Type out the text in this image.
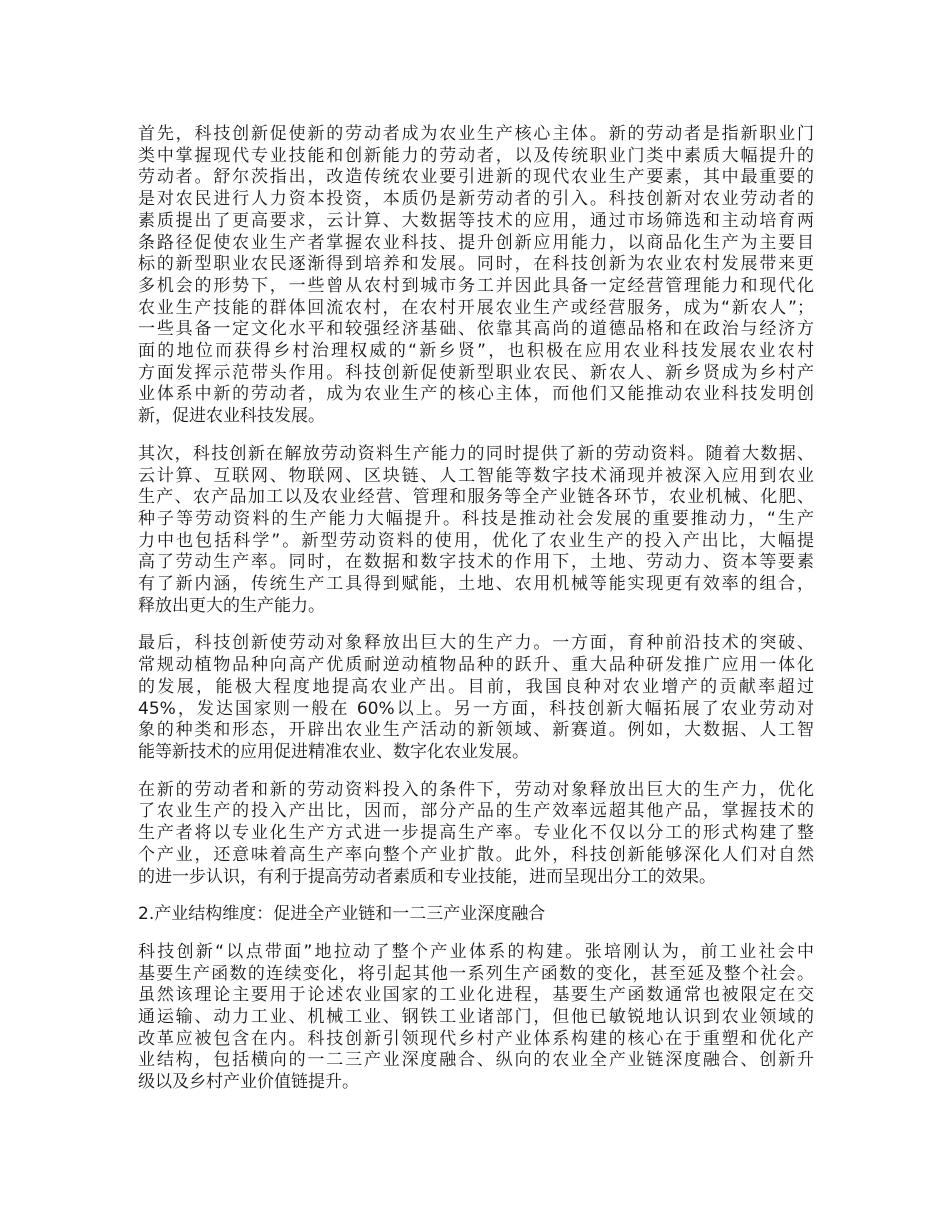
首先，科技创新促使新的劳动者成为农业生产核心主体。新的劳动者是指新职业门
类中掌握现代专业技能和创新能力的劳动者，以及传统职业门类中素质大幅提升的
劳动者。舒尔茨指出，改造传统农业要引进新的现代农业生产要素，其中最重要的
是对农民进行人力资本投资，本质仍是新劳动者的引入。科技创新对农业劳动者的
素质提出了更高要求，云计算、大数据等技术的应用，通过市场筛选和主动培育两
条路径促使农业生产者掌握农业科技、提升创新应用能力，以商品化生产为主要目
标的新型职业农民逐渐得到培养和发展。同时，在科技创新为农业农村发展带来更
多机会的形势下，一些曾从农村到城市务工并因此具备一定经营管理能力和现代化
农业生产技能的群体回流农村，在农村开展农业生产或经营服务，成为“新农人”；
一些具备一定文化水平和较强经济基础、依靠其高尚的道德品格和在政治与经济方
面的地位而获得乡村治理权威的“新乡贤”，也积极在应用农业科技发展农业农村
方面发挥示范带头作用。科技创新促使新型职业农民、新农人、新乡贤成为乡村产
业体系中新的劳动者，成为农业生产的核心主体，而他们又能推动农业科技发明创
新，促进农业科技发展。
其次，科技创新在解放劳动资料生产能力的同时提供了新的劳动资料。随着大数据、
云计算、互联网、物联网、区块链、人工智能等数字技术涌现并被深入应用到农业
生产、农产品加工以及农业经营、管理和服务等全产业链各环节，农业机械、化肥、
种子等劳动资料的生产能力大幅提升。科技是推动社会发展的重要推动力，“生产
力中也包括科学”。新型劳动资料的使用，优化了农业生产的投入产出比，大幅提
高了劳动生产率。同时，在数据和数字技术的作用下，土地、劳动力、资本等要素
有了新内涵，传统生产工具得到赋能，土地、农用机械等能实现更有效率的组合，
释放出更大的生产能力。
最后，科技创新使劳动对象释放出巨大的生产力。一方面，育种前沿技术的突破、
常规动植物品种向高产优质耐逆动植物品种的跃升、重大品种研发推广应用一体化
的发展，能极大程度地提高农业产出。目前，我国良种对农业增产的贡献率超过
45%，发达国家则一般在 60%以上。另一方面，科技创新大幅拓展了农业劳动对
象的种类和形态，开辟出农业生产活动的新领域、新赛道。例如，大数据、人工智
能等新技术的应用促进精准农业、数字化农业发展。
在新的劳动者和新的劳动资料投入的条件下，劳动对象释放出巨大的生产力，优化
了农业生产的投入产出比，因而，部分产品的生产效率远超其他产品，掌握技术的
生产者将以专业化生产方式进一步提高生产率。专业化不仅以分工的形式构建了整
个产业，还意味着高生产率向整个产业扩散。此外，科技创新能够深化人们对自然
的进一步认识，有利于提高劳动者素质和专业技能，进而呈现出分工的效果。
2.产业结构维度：促进全产业链和一二三产业深度融合
科技创新“以点带面”地拉动了整个产业体系的构建。张培刚认为，前工业社会中
基要生产函数的连续变化，将引起其他一系列生产函数的变化，甚至延及整个社会。
虽然该理论主要用于论述农业国家的工业化进程，基要生产函数通常也被限定在交
通运输、动力工业、机械工业、钢铁工业诸部门，但他已敏锐地认识到农业领域的
改革应被包含在内。科技创新引领现代乡村产业体系构建的核心在于重塑和优化产
业结构，包括横向的一二三产业深度融合、纵向的农业全产业链深度融合、创新升
级以及乡村产业价值链提升。
